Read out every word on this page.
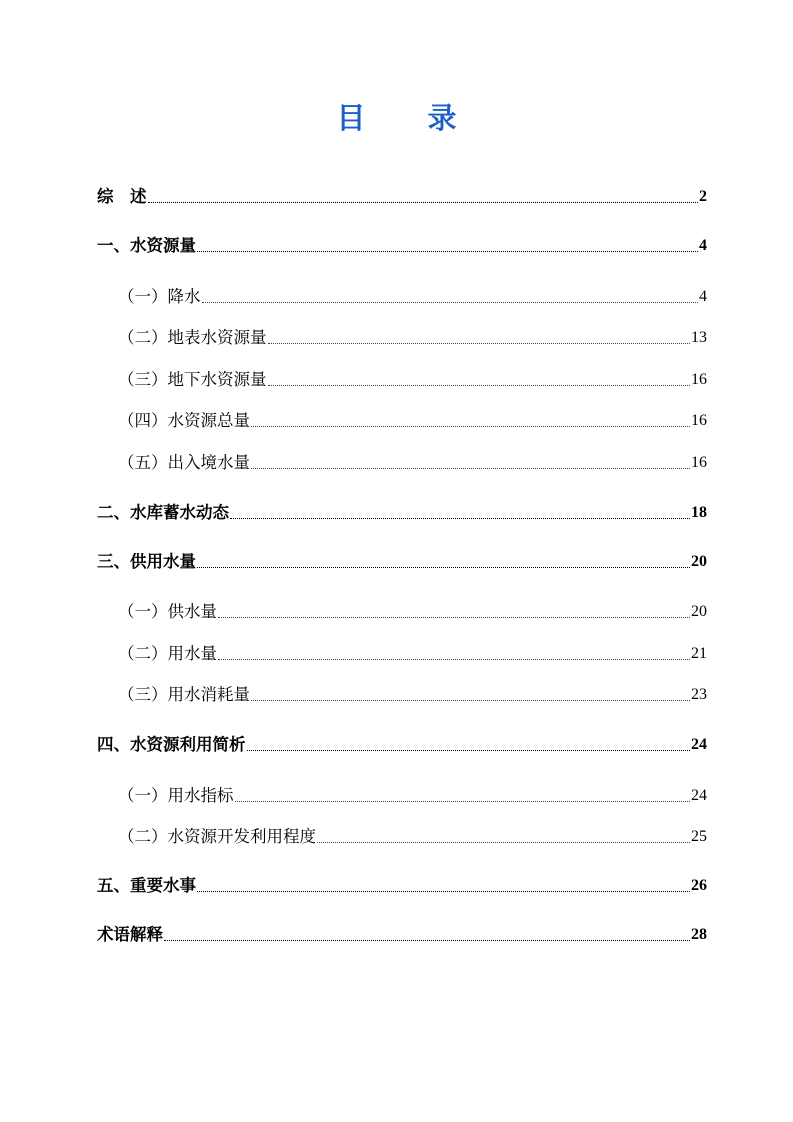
目 录
综　述	2
一、水资源量	4
（一）降水	4
（二）地表水资源量	13
（三）地下水资源量	16
（四）水资源总量	16
（五）出入境水量	16
二、水库蓄水动态	18
三、供用水量	20
（一）供水量	20
（二）用水量	21
（三）用水消耗量	23
四、水资源利用简析	24
（一）用水指标	24
（二）水资源开发利用程度	25
五、重要水事	26
术语解释	28
